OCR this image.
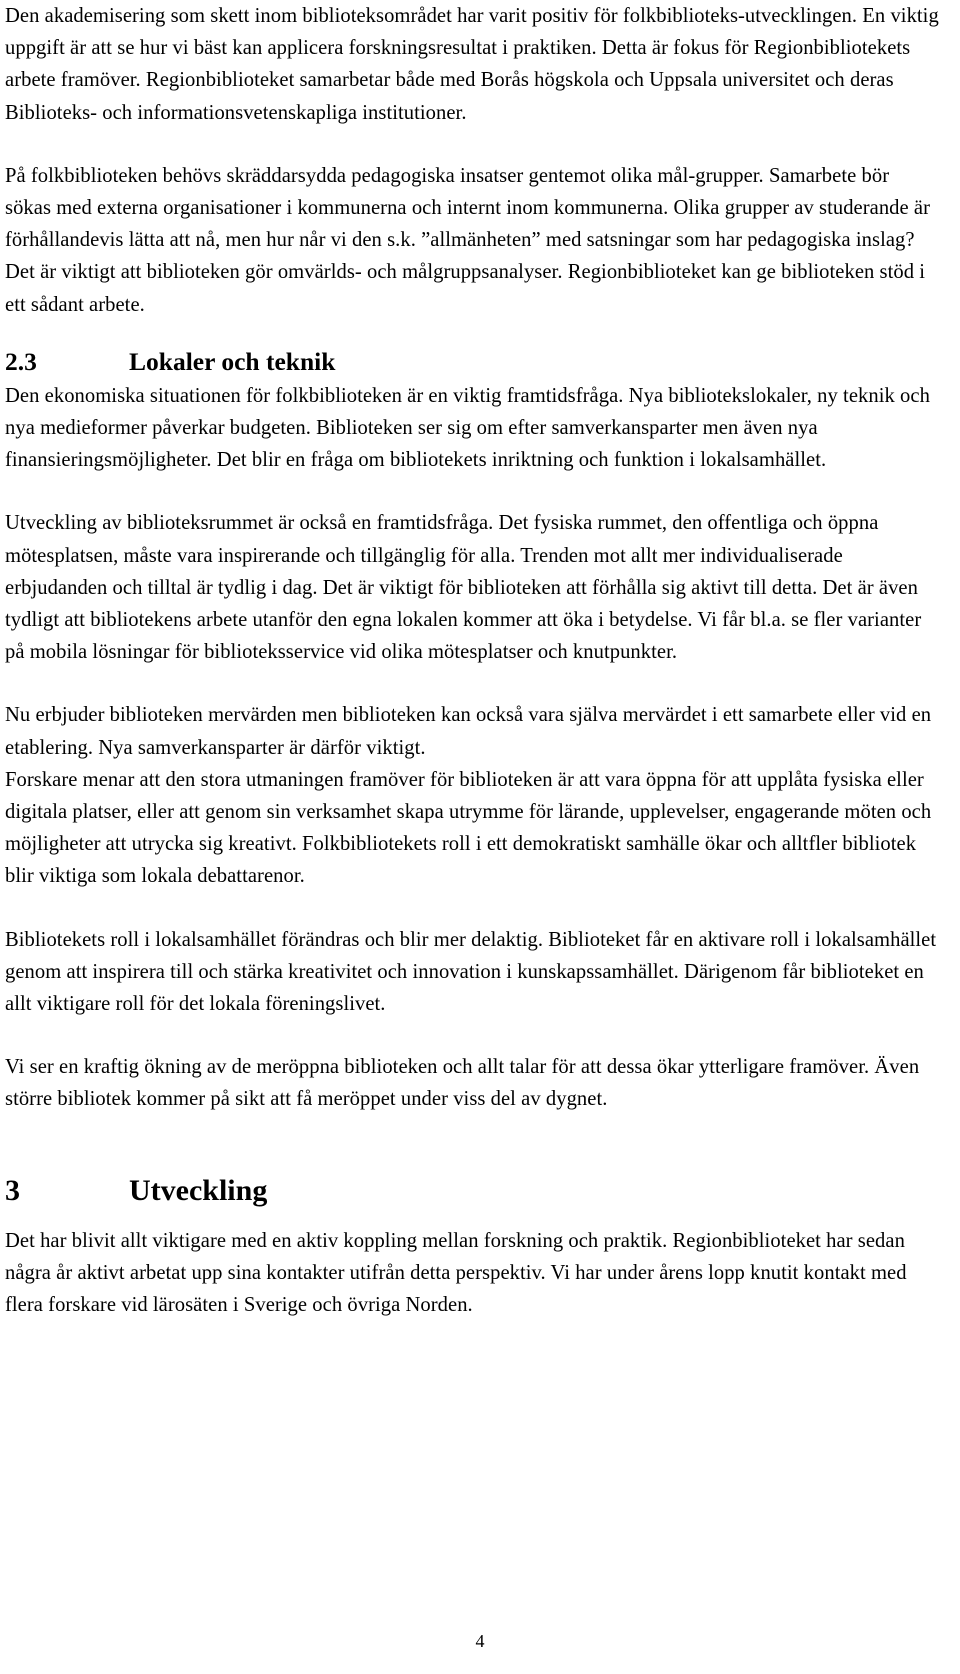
Den akademisering som skett inom biblioteksområdet har varit positiv för folkbiblioteks-utvecklingen. En viktig uppgift är att se hur vi bäst kan applicera forskningsresultat i praktiken. Detta är fokus för Regionbibliotekets arbete framöver. Regionbiblioteket samarbetar både med Borås högskola och Uppsala universitet och deras Biblioteks- och informationsvetenskapliga institutioner.

På folkbiblioteken behövs skräddarsydda pedagogiska insatser gentemot olika mål-grupper. Samarbete bör sökas med externa organisationer i kommunerna och internt inom kommunerna. Olika grupper av studerande är förhållandevis lätta att nå, men hur når vi den s.k. ”allmänheten” med satsningar som har pedagogiska inslag? Det är viktigt att biblioteken gör omvärlds- och målgruppsanalyser. Regionbiblioteket kan ge biblioteken stöd i ett sådant arbete.

2.3	Lokaler och teknik

Den ekonomiska situationen för folkbiblioteken är en viktig framtidsfråga. Nya bibliotekslokaler, ny teknik och nya medieformer påverkar budgeten. Biblioteken ser sig om efter samverkansparter men även nya finansieringsmöjligheter. Det blir en fråga om bibliotekets inriktning och funktion i lokalsamhället.

Utveckling av biblioteksrummet är också en framtidsfråga. Det fysiska rummet, den offentliga och öppna mötesplatsen, måste vara inspirerande och tillgänglig för alla. Trenden mot allt mer individualiserade erbjudanden och tilltal är tydlig i dag. Det är viktigt för biblioteken att förhålla sig aktivt till detta. Det är även tydligt att bibliotekens arbete utanför den egna lokalen kommer att öka i betydelse. Vi får bl.a. se fler varianter på mobila lösningar för biblioteksservice vid olika mötesplatser och knutpunkter.

Nu erbjuder biblioteken mervärden men biblioteken kan också vara själva mervärdet i ett samarbete eller vid en etablering. Nya samverkansparter är därför viktigt.

Forskare menar att den stora utmaningen framöver för biblioteken är att vara öppna för att upplåta fysiska eller digitala platser, eller att genom sin verksamhet skapa utrymme för lärande, upplevelser, engagerande möten och möjligheter att utrycka sig kreativt. Folkbibliotekets roll i ett demokratiskt samhälle ökar och alltfler bibliotek blir viktiga som lokala debattarenor.

Bibliotekets roll i lokalsamhället förändras och blir mer delaktig. Biblioteket får en aktivare roll i lokalsamhället genom att inspirera till och stärka kreativitet och innovation i kunskapssamhället. Därigenom får biblioteket en allt viktigare roll för det lokala föreningslivet.

Vi ser en kraftig ökning av de meröppna biblioteken och allt talar för att dessa ökar ytterligare framöver. Även större bibliotek kommer på sikt att få meröppet under viss del av dygnet.

3	Utveckling

Det har blivit allt viktigare med en aktiv koppling mellan forskning och praktik. Regionbiblioteket har sedan några år aktivt arbetat upp sina kontakter utifrån detta perspektiv. Vi har under årens lopp knutit kontakt med flera forskare vid lärosäten i Sverige och övriga Norden.

4
